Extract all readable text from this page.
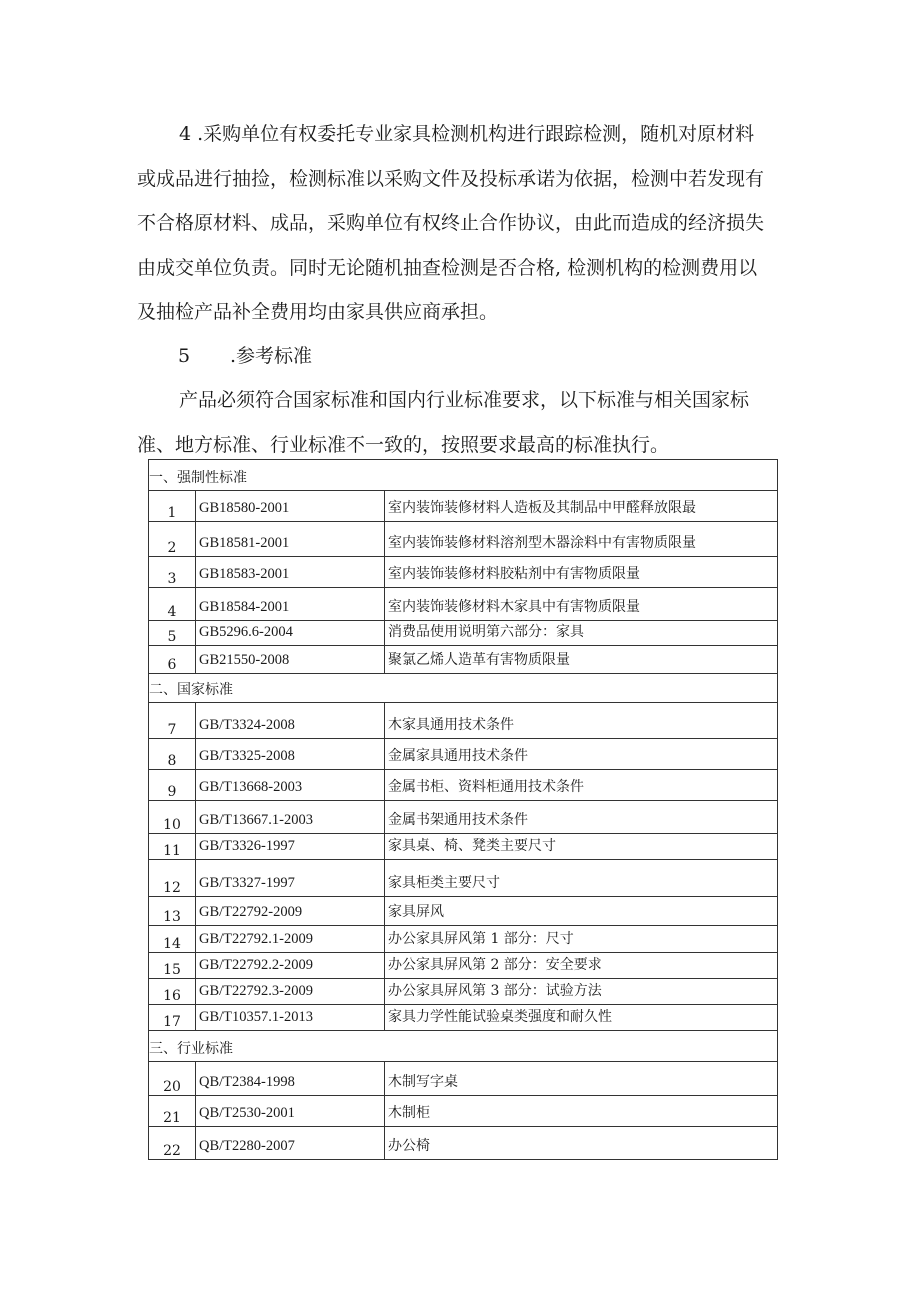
4 .采购单位有权委托专业家具检测机构进行跟踪检测，随机对原材料
或成品进行抽捡，检测标准以采购文件及投标承诺为依据，检测中若发现有
不合格原材料、成品，采购单位有权终止合作协议，由此而造成的经济损失
由成交单位负责。同时无论随机抽查检测是否合格, 检测机构的检测费用以
及抽检产品补全费用均由家具供应商承担。

5 .参考标准

产品必须符合国家标准和国内行业标准要求，以下标准与相关国家标
准、地方标准、行业标准不一致的，按照要求最高的标准执行。

一、强制性标准		
1	GB18580-2001	室内装饰装修材料人造板及其制品中甲醛释放限最
2	GB18581-2001	室内装饰装修材料溶剂型木器涂料中有害物质限量
3	GB18583-2001	室内装饰装修材料胶粘剂中有害物质限量
4	GB18584-2001	室内装饰装修材料木家具中有害物质限量
5	GB5296.6-2004	消费品使用说明第六部分：家具
6	GB21550-2008	聚氯乙烯人造革有害物质限量
二、国家标准		
7	GB/T3324-2008	木家具通用技术条件
8	GB/T3325-2008	金属家具通用技术条件
9	GB/T13668-2003	金属书柜、资料柜通用技术条件
10	GB/T13667.1-2003	金属书架通用技术条件
11	GB/T3326-1997	家具桌、椅、凳类主要尺寸
12	GB/T3327-1997	家具柜类主要尺寸
13	GB/T22792-2009	家具屏风
14	GB/T22792.1-2009	办公家具屏风第 1 部分：尺寸
15	GB/T22792.2-2009	办公家具屏风第 2 部分：安全要求
16	GB/T22792.3-2009	办公家具屏风第 3 部分：试验方法
17	GB/T10357.1-2013	家具力学性能试验桌类强度和耐久性
三、行业标准		
20	QB/T2384-1998	木制写字桌
21	QB/T2530-2001	木制柜
22	QB/T2280-2007	办公椅
